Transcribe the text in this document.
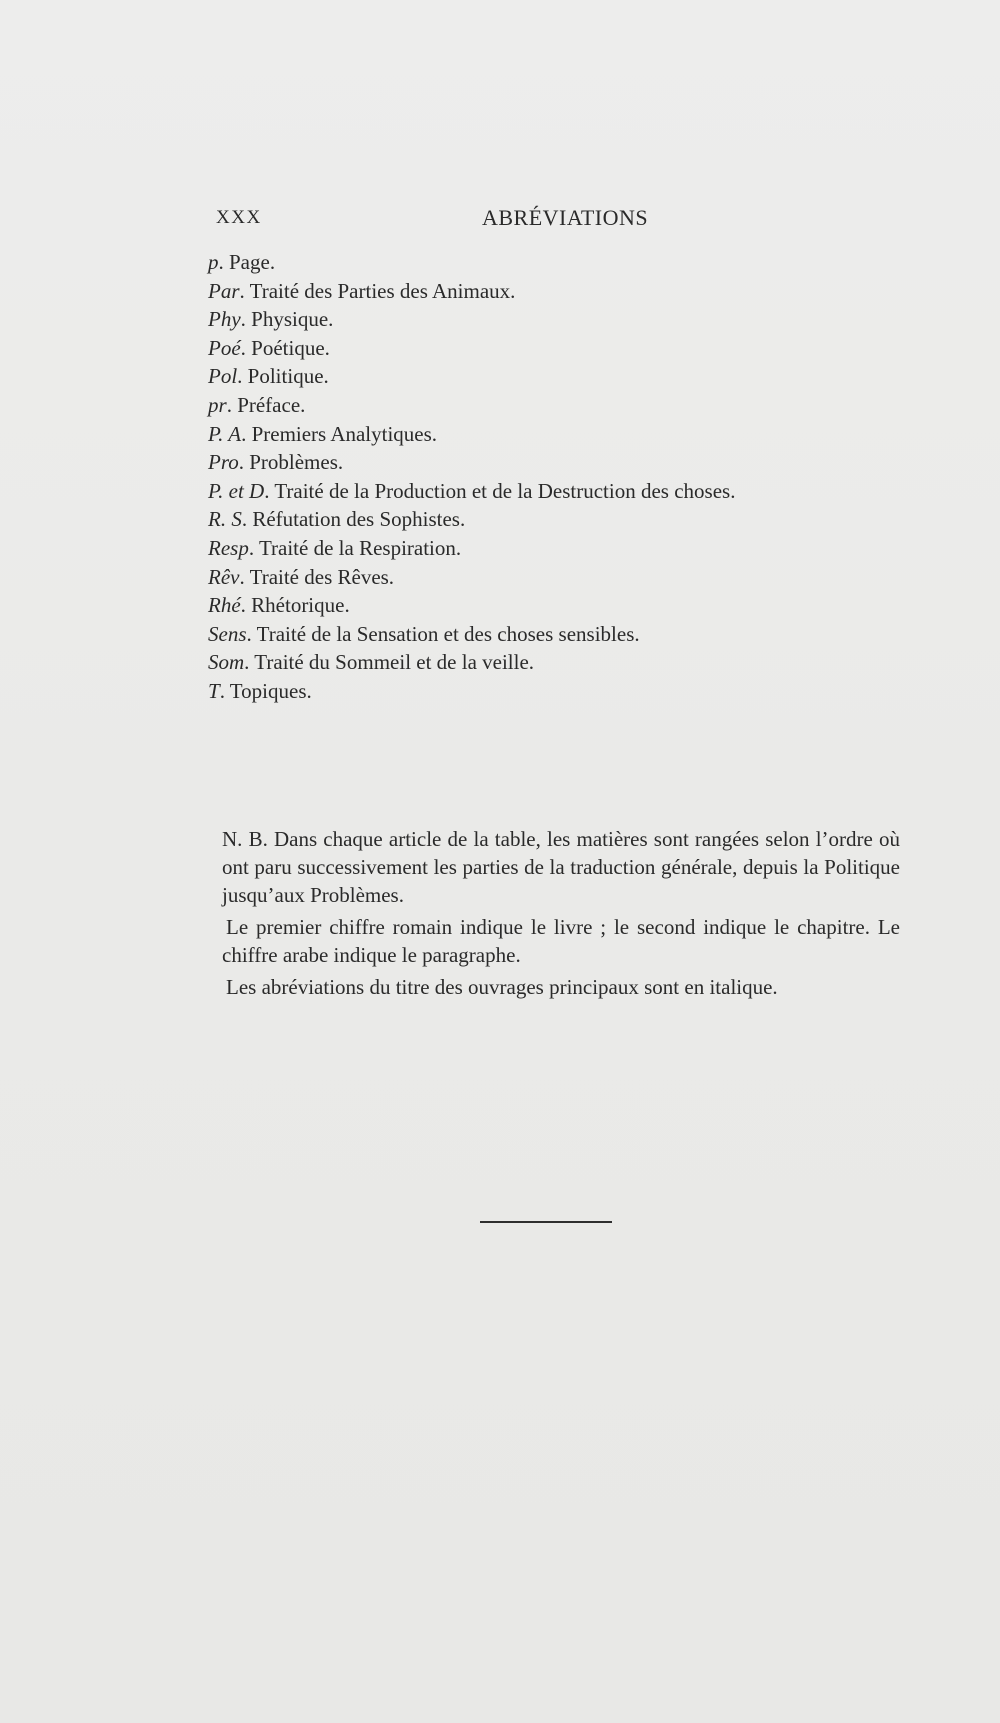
XXX	ABRÉVIATIONS
p. Page.
Par. Traité des Parties des Animaux.
Phy. Physique.
Poé. Poétique.
Pol. Politique.
pr. Préface.
P. A. Premiers Analytiques.
Pro. Problèmes.
P. et D. Traité de la Production et de la Destruction des choses.
R. S. Réfutation des Sophistes.
Resp. Traité de la Respiration.
Rêv. Traité des Rêves.
Rhé. Rhétorique.
Sens. Traité de la Sensation et des choses sensibles.
Som. Traité du Sommeil et de la veille.
T. Topiques.

N. B. Dans chaque article de la table, les matières sont rangées selon l’ordre où ont paru successivement les parties de la traduction générale, depuis la Politique jusqu’aux Problèmes.

Le premier chiffre romain indique le livre ; le second indique le chapitre. Le chiffre arabe indique le paragraphe.

Les abréviations du titre des ouvrages principaux sont en italique.
